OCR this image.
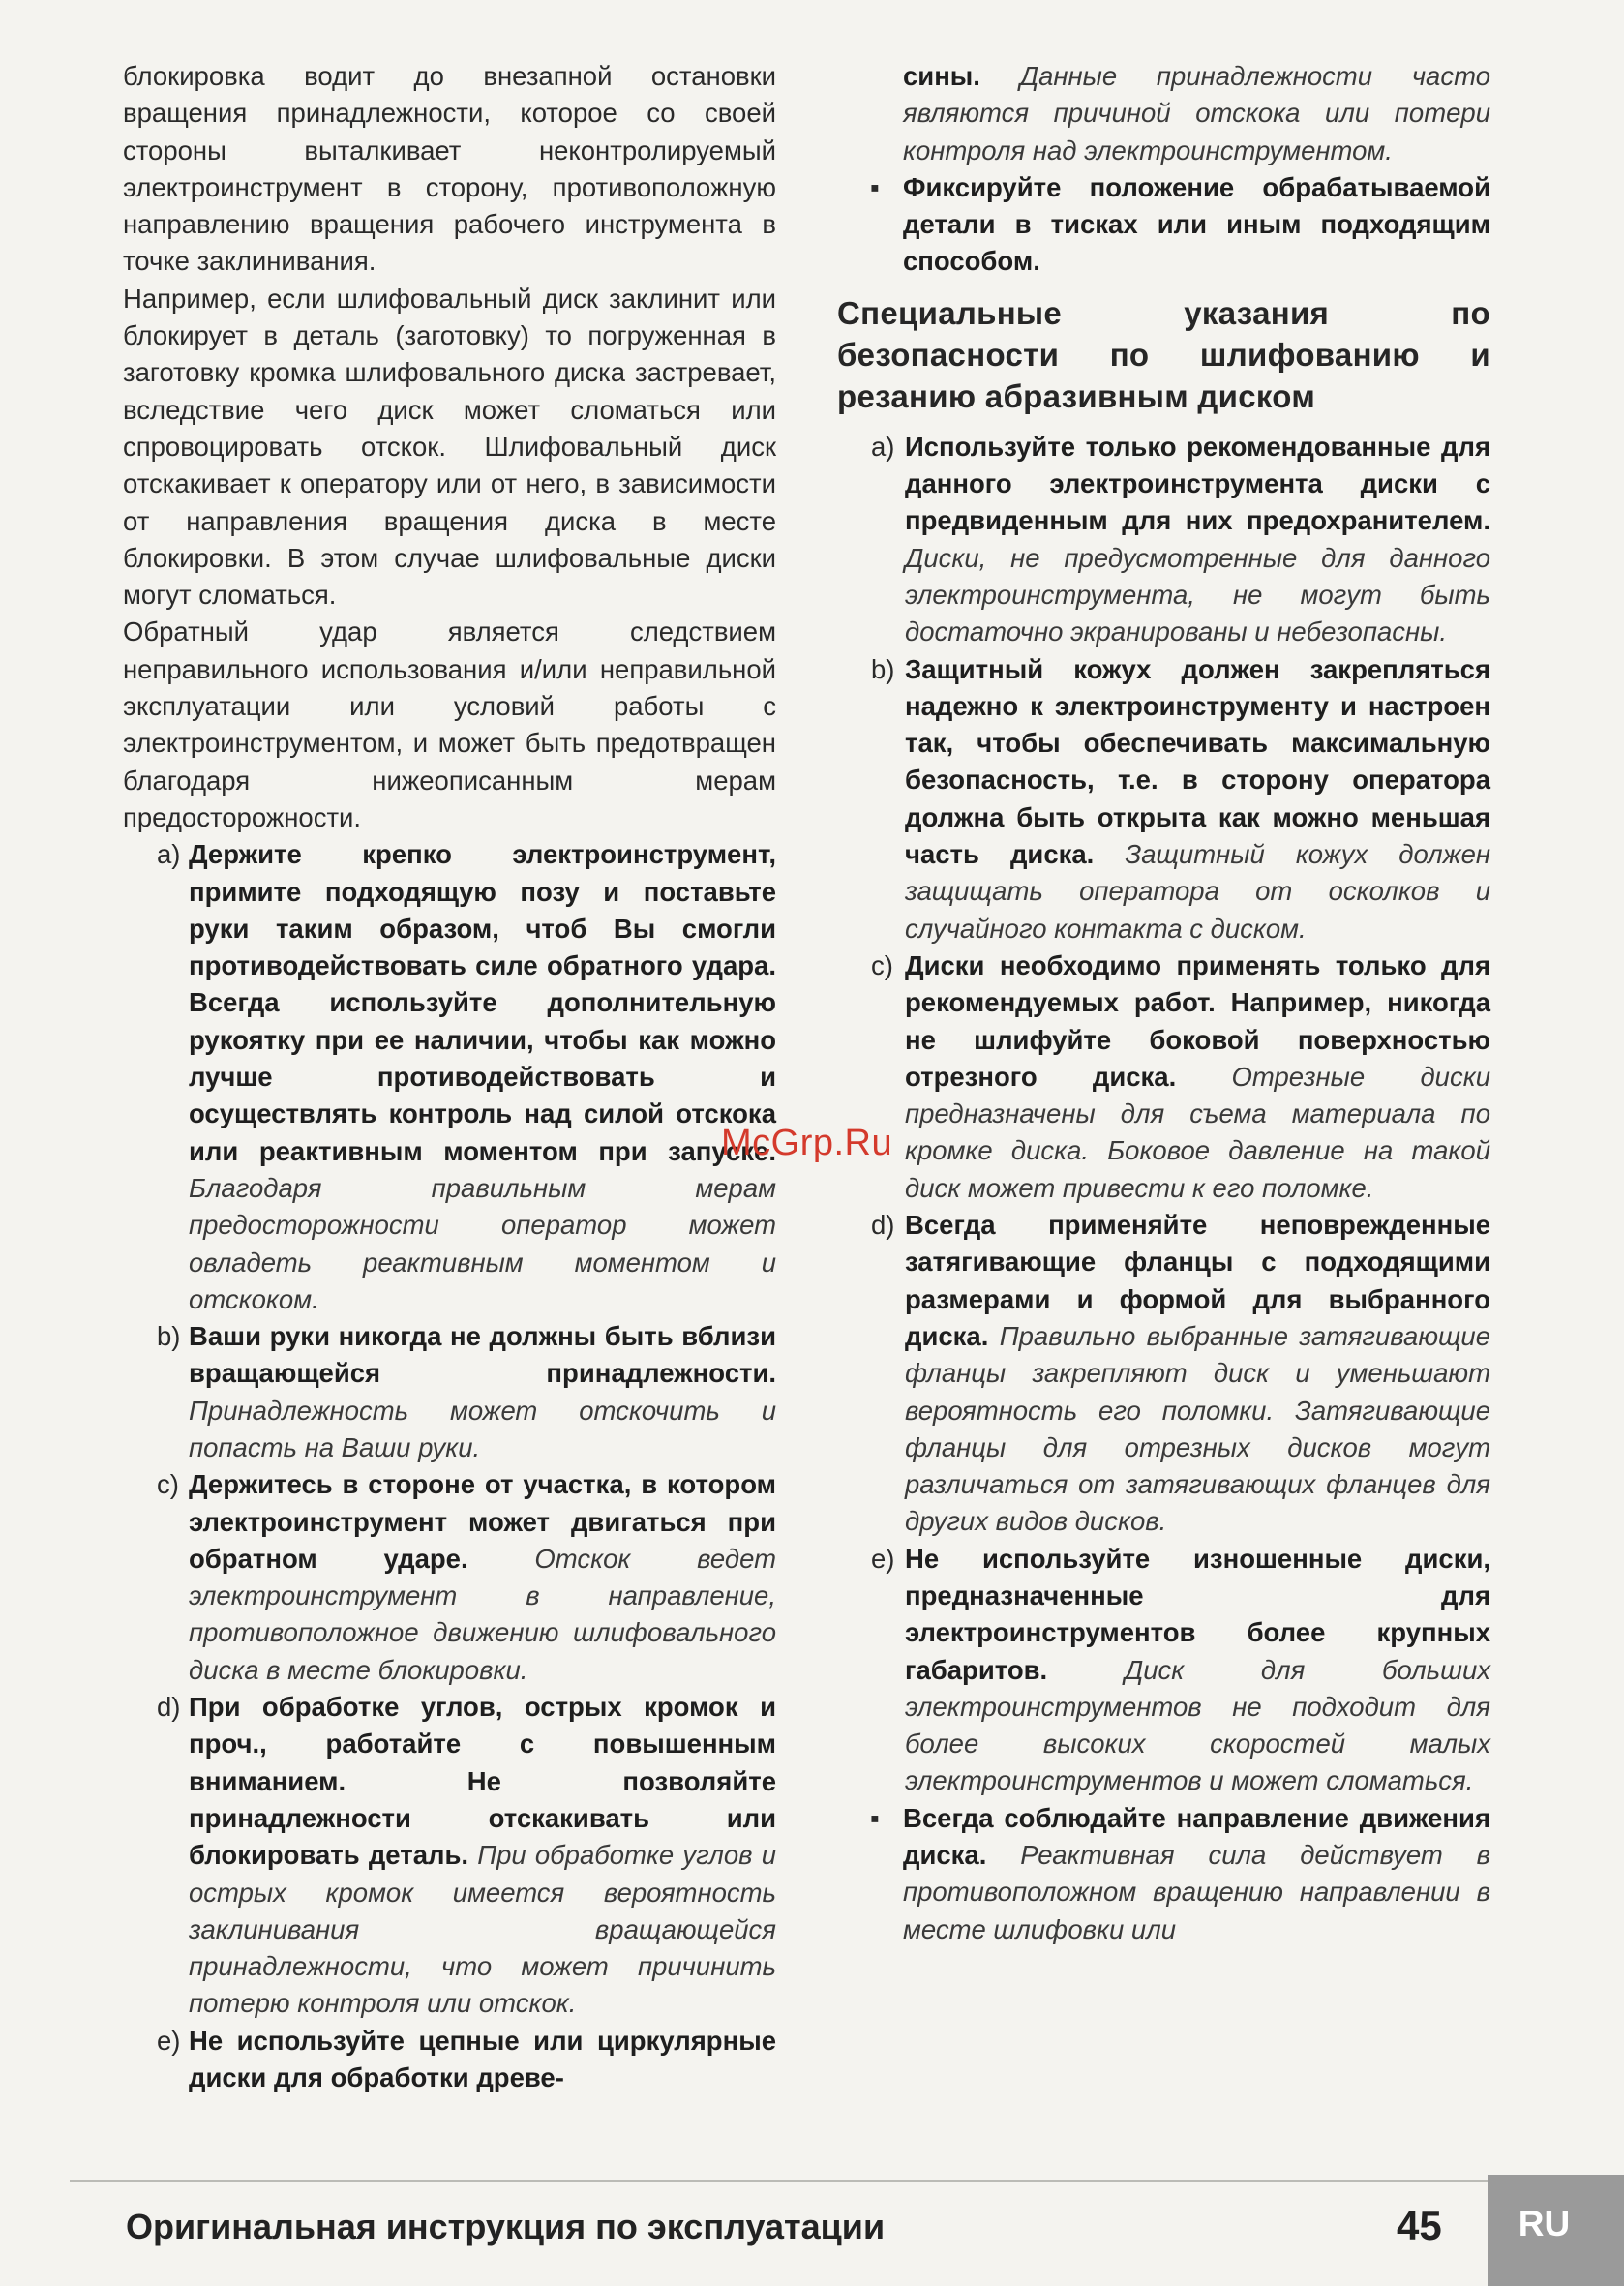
блокировка водит до внезапной остановки вращения принадлежности, которое со своей стороны выталкивает неконтролируемый электроинструмент в сторону, противоположную направлению вращения рабочего инструмента в точке заклинивания.

Например, если шлифовальный диск заклинит или блокирует в деталь (заготовку) то погруженная в заготовку кромка шлифовального диска застревает, вследствие чего диск может сломаться или спровоцировать отскок. Шлифовальный диск отскакивает к оператору или от него, в зависимости от направления вращения диска в месте блокировки. В этом случае шлифовальные диски могут сломаться.

Обратный удар является следствием неправильного использования и/или неправильной эксплуатации или условий работы с электроинструментом, и может быть предотвращен благодаря нижеописанным мерам предосторожности.

a) Держите крепко электроинструмент, примите подходящую позу и поставьте руки таким образом, чтоб Вы смогли противодействовать силе обратного удара. Всегда используйте дополнительную рукоятку при ее наличии, чтобы как можно лучше противодействовать и осуществлять контроль над силой отскока или реактивным моментом при запуске. Благодаря правильным мерам предосторожности оператор может овладеть реактивным моментом и отскоком.
b) Ваши руки никогда не должны быть вблизи вращающейся принадлежности. Принадлежность может отскочить и попасть на Ваши руки.
c) Держитесь в стороне от участка, в котором электроинструмент может двигаться при обратном ударе.	Отскок ведет электроинструмент в направление, противоположное движению шлифовального диска в месте блокировки.
d) При обработке углов, острых кромок и проч., работайте с повышенным вниманием. Не позволяйте принадлежности отскакивать или блокировать деталь. При обработке углов и острых кромок имеется вероятность заклинивания вращающейся принадлежности, что может причинить потерю контроля или отскок.
e) Не используйте цепные или циркулярные диски для обработки древе-

сины. Данные принадлежности часто являются причиной отскока или потери контроля над электроинструментом.

▪ Фиксируйте положение обрабатываемой детали в тисках или иным подходящим способом.
Специальные указания по безопасности по шлифованию и резанию абразивным диском
a) Используйте только рекомендованные для данного электроинструмента диски с предвиденным для них предохранителем. Диски, не предусмотренные для данного электроинструмента, не могут быть достаточно экранированы и небезопасны.
b) Защитный кожух должен закрепляться надежно к электроинструменту и настроен так, чтобы обеспечивать максимальную безопасность, т.е. в сторону оператора должна быть открыта как можно меньшая часть диска. Защитный кожух должен защищать оператора от осколков и случайного контакта с диском.
c) Диски необходимо применять только для рекомендуемых работ. Например, никогда не шлифуйте боковой поверхностью отрезного диска. Отрезные диски предназначены для съема материала по кромке диска. Боковое давление на такой диск может привести к его поломке.
d) Всегда применяйте неповрежденные затягивающие фланцы с подходящими размерами и формой для выбранного диска. Правильно выбранные затягивающие фланцы закрепляют диск и уменьшают вероятность его поломки. Затягивающие фланцы для отрезных дисков могут различаться от затягивающих фланцев для других видов дисков.
e) Не используйте изношенные диски, предназначенные для электроинструментов более крупных габаритов.	Диск для больших электроинструментов не подходит для более высоких скоростей малых электроинструментов и может сломаться.
▪ Всегда соблюдайте направление движения диска. Реактивная сила действует в противоположном вращению направлении в месте шлифовки или
McGrp.Ru
Оригинальная инструкция по эксплуатации	45 RU
